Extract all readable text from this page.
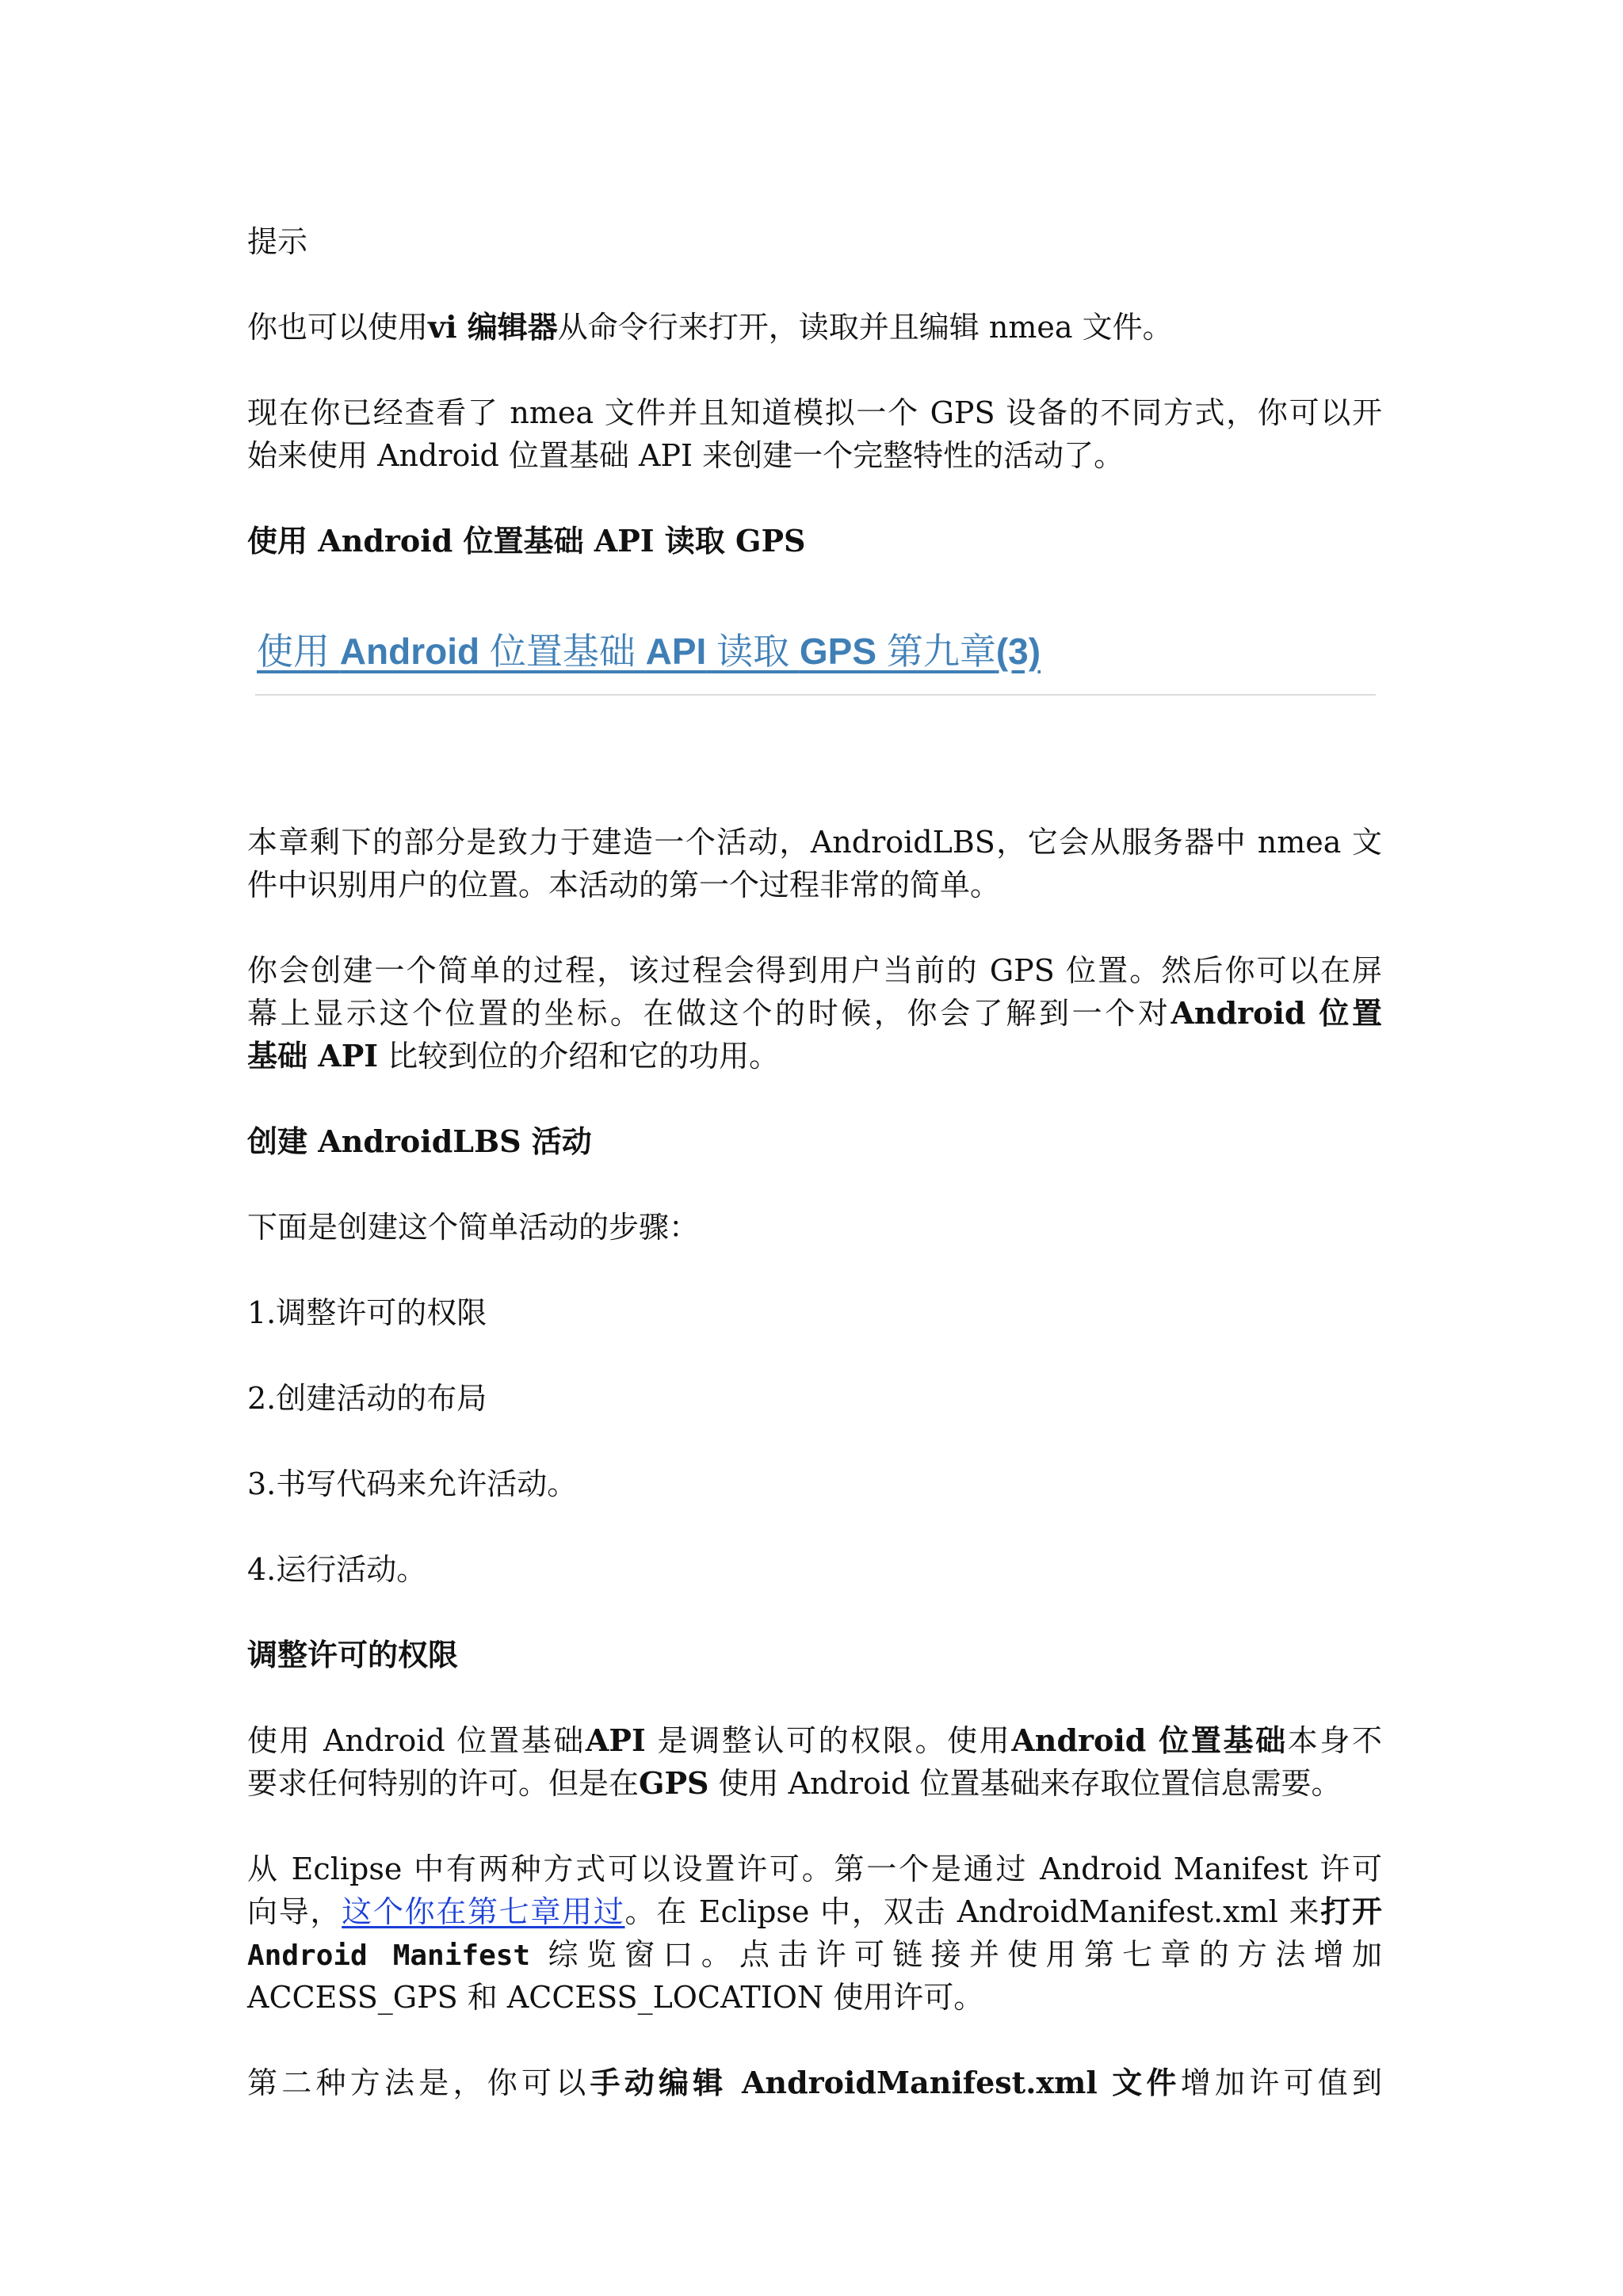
提示
你也可以使用vi 编辑器从命令行来打开，读取并且编辑 nmea 文件。
现在你已经查看了 nmea 文件并且知道模拟一个 GPS 设备的不同方式，你可以开
始来使用 Android 位置基础 API 来创建一个完整特性的活动了。
使用 Android 位置基础 API 读取 GPS
使用 Android 位置基础 API 读取 GPS 第九章(3)
本章剩下的部分是致力于建造一个活动，AndroidLBS，它会从服务器中 nmea 文
件中识别用户的位置。本活动的第一个过程非常的简单。
你会创建一个简单的过程，该过程会得到用户当前的 GPS 位置。然后你可以在屏
幕上显示这个位置的坐标。在做这个的时候，你会了解到一个对Android 位置
基础 API 比较到位的介绍和它的功用。
创建 AndroidLBS 活动
下面是创建这个简单活动的步骤：
1.调整许可的权限
2.创建活动的布局
3.书写代码来允许活动。
4.运行活动。
调整许可的权限
使用 Android 位置基础API 是调整认可的权限。使用Android 位置基础本身不
要求任何特别的许可。但是在GPS 使用 Android 位置基础来存取位置信息需要。
从 Eclipse 中有两种方式可以设置许可。第一个是通过 Android Manifest 许可
向导，这个你在第七章用过。在 Eclipse 中，双击 AndroidManifest.xml 来打开
Android Manifest 综览窗口。点击许可链接并使用第七章的方法增加
ACCESS_GPS 和 ACCESS_LOCATION 使用许可。
第二种方法是，你可以手动编辑 AndroidManifest.xml 文件增加许可值到
